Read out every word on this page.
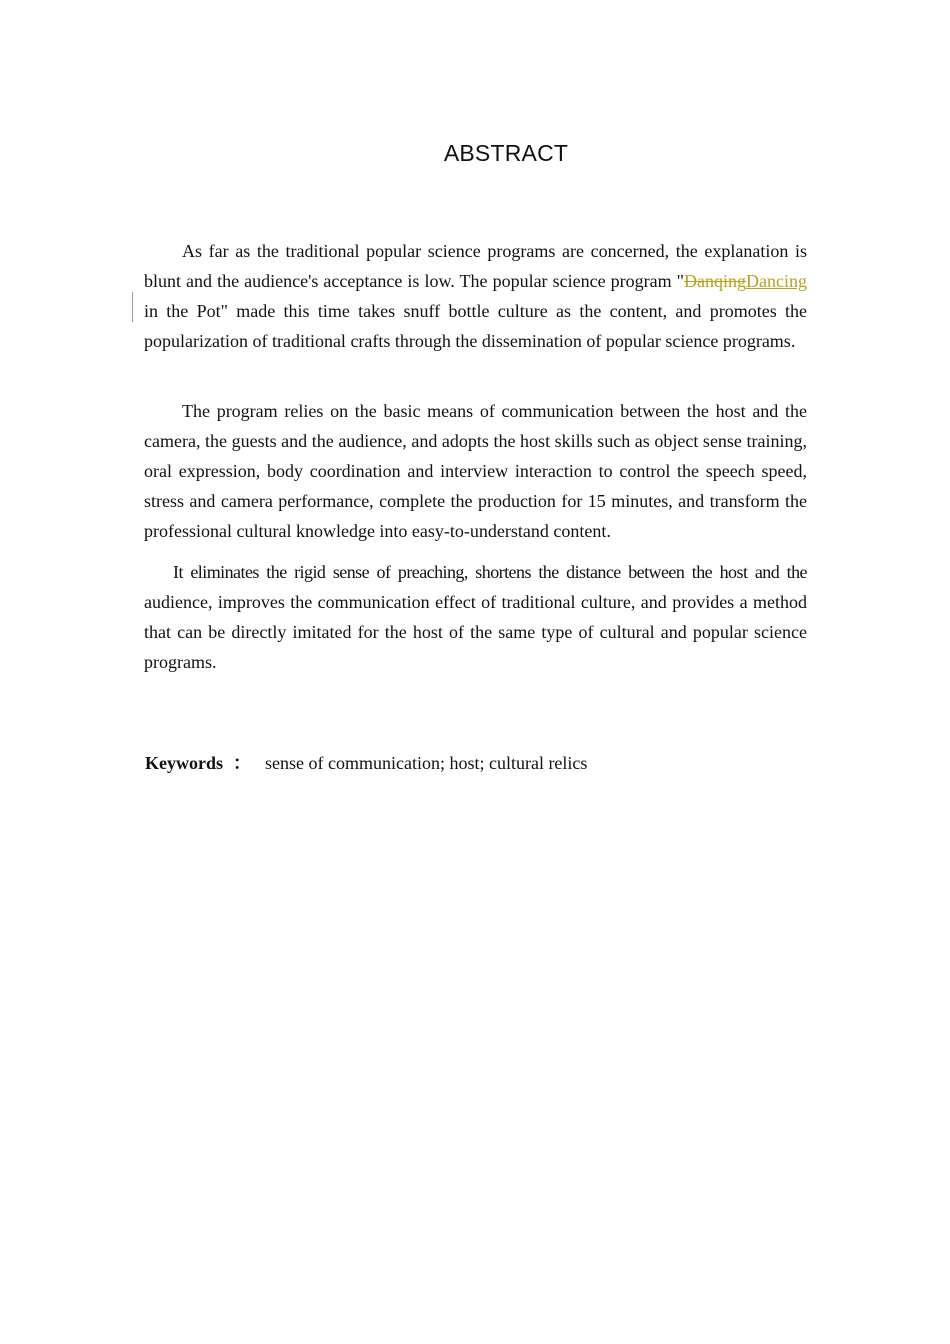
ABSTRACT

As far as the traditional popular science programs are concerned, the explanation is blunt and the audience's acceptance is low. The popular science program "DanqingDancing  in the Pot" made this time takes snuff bottle culture as the content, and promotes the popularization of traditional crafts through the dissemination of popular science programs.

The program relies on the basic means of communication between the host and the camera, the guests and the audience, and adopts the host skills such as object sense training, oral expression, body coordination and interview interaction to control the speech speed, stress and camera performance, complete the production for 15 minutes, and transform the professional cultural knowledge into easy-to-understand content.

It eliminates the rigid sense of preaching, shortens the distance between the host and the audience, improves the communication effect of traditional culture, and provides a method that can be directly imitated for the host of the same type of cultural and popular science programs.

Keywords ： sense of communication; host; cultural relics
